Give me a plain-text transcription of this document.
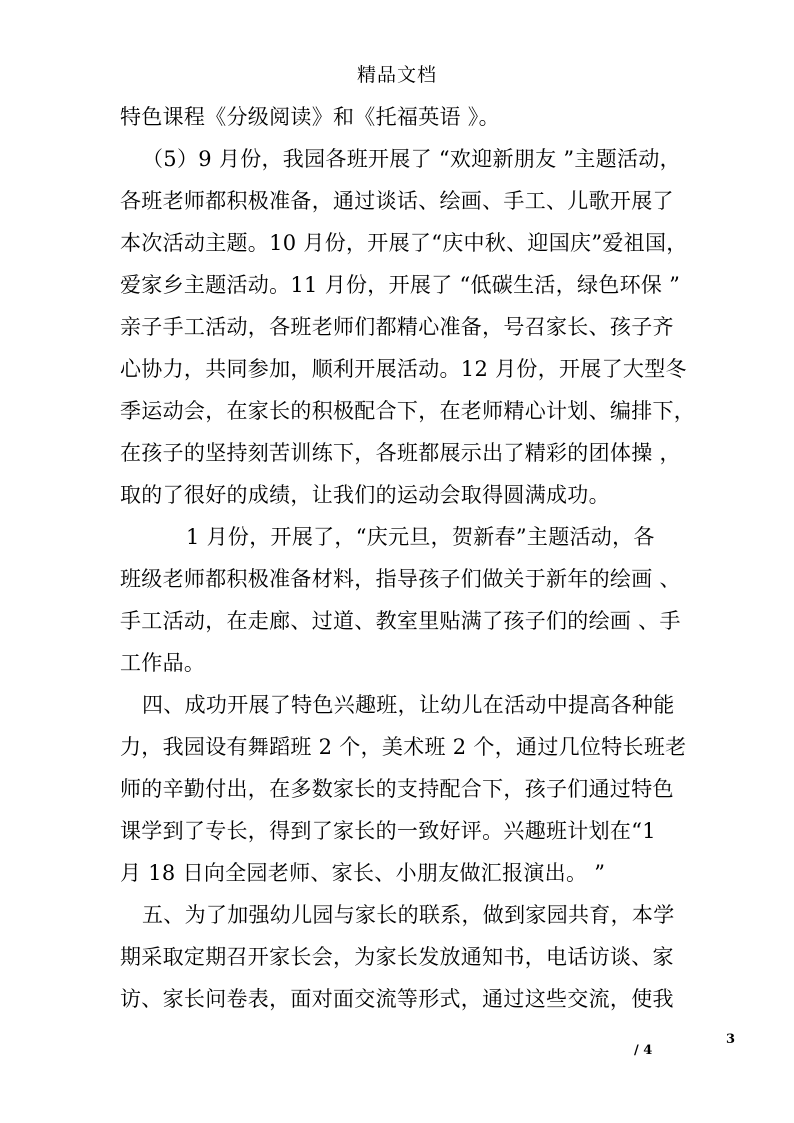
精品文档
特色课程《分级阅读》和《托福英语 》。
（5）9 月份，我园各班开展了 “欢迎新朋友 ”主题活动，
各班老师都积极准备，通过谈话、绘画、手工、儿歌开展了
本次活动主题。10 月份，开展了“庆中秋、迎国庆”爱祖国，
爱家乡主题活动。11 月份，开展了 “低碳生活，绿色环保 ”
亲子手工活动，各班老师们都精心准备，号召家长、孩子齐
心协力，共同参加，顺利开展活动。12 月份，开展了大型冬
季运动会，在家长的积极配合下，在老师精心计划、编排下，
在孩子的坚持刻苦训练下，各班都展示出了精彩的团体操 ，
取的了很好的成绩，让我们的运动会取得圆满成功。
1 月份，开展了，“庆元旦，贺新春”主题活动，各
班级老师都积极准备材料，指导孩子们做关于新年的绘画 、
手工活动，在走廊、过道、教室里贴满了孩子们的绘画 、手
工作品。
四、成功开展了特色兴趣班，让幼儿在活动中提高各种能
力，我园设有舞蹈班 2 个，美术班 2 个，通过几位特长班老
师的辛勤付出，在多数家长的支持配合下，孩子们通过特色
课学到了专长，得到了家长的一致好评。兴趣班计划在“1
月 18 日向全园老师、家长、小朋友做汇报演出。 ”
五、为了加强幼儿园与家长的联系，做到家园共育，本学
期采取定期召开家长会，为家长发放通知书，电话访谈、家
访、家长问卷表，面对面交流等形式，通过这些交流，使我
3
/ 4
